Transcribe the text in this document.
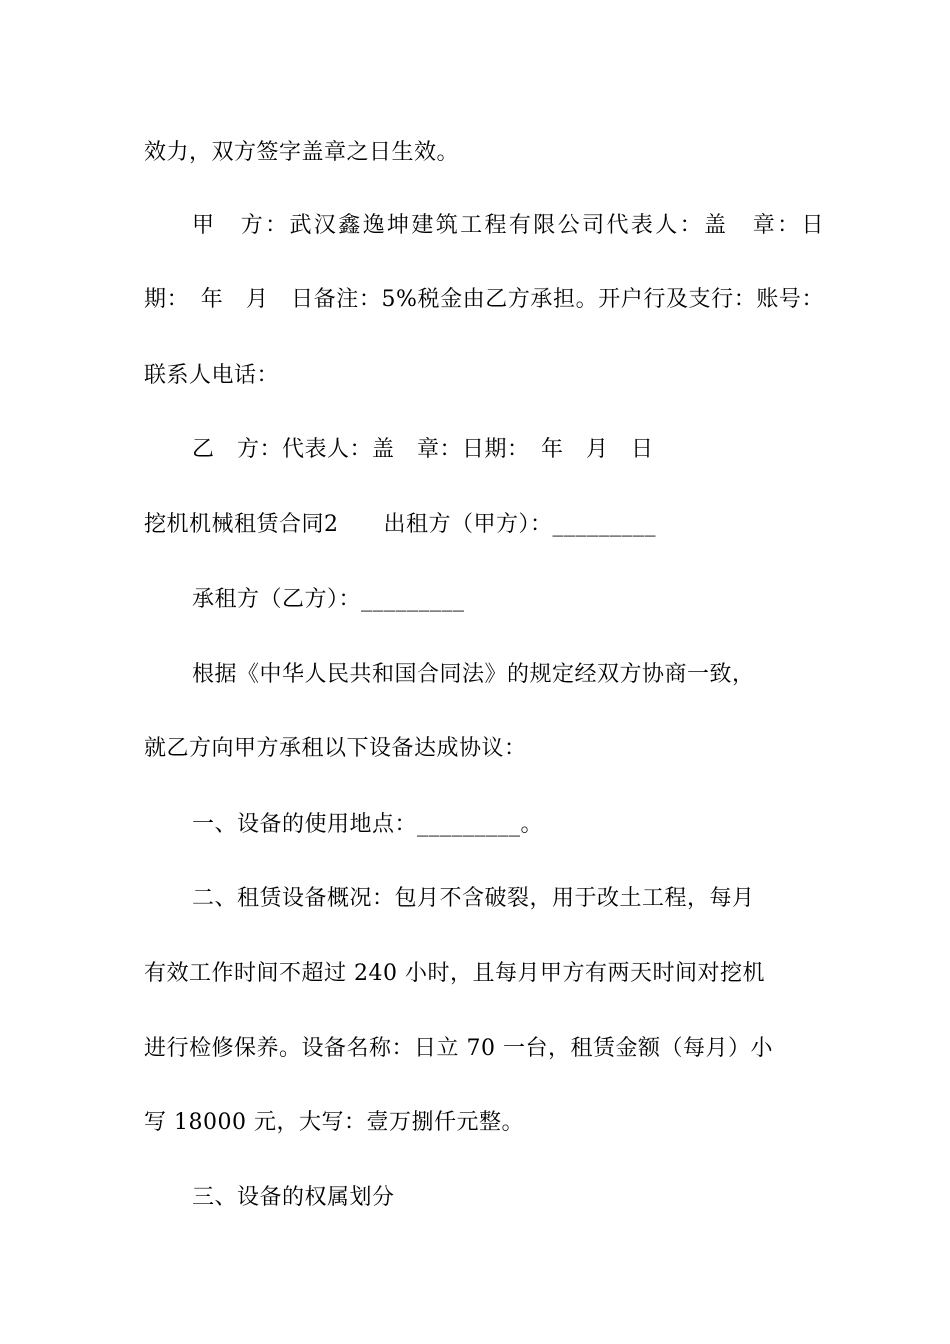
效力，双方签字盖章之日生效。
甲　方：武汉鑫逸坤建筑工程有限公司代表人：盖　章：日
期：　年　月　日备注：5%税金由乙方承担。开户行及支行：账号：
联系人电话：
乙　方：代表人：盖　章：日期：　年　月　日
挖机机械租赁合同2　　出租方（甲方）：_________
承租方（乙方）：_________
根据《中华人民共和国合同法》的规定经双方协商一致，
就乙方向甲方承租以下设备达成协议：
一、设备的使用地点：_________。
二、租赁设备概况：包月不含破裂，用于改土工程，每月
有效工作时间不超过 240 小时，且每月甲方有两天时间对挖机
进行检修保养。设备名称：日立 70 一台，租赁金额（每月）小
写 18000 元，大写：壹万捌仟元整。
三、设备的权属划分
